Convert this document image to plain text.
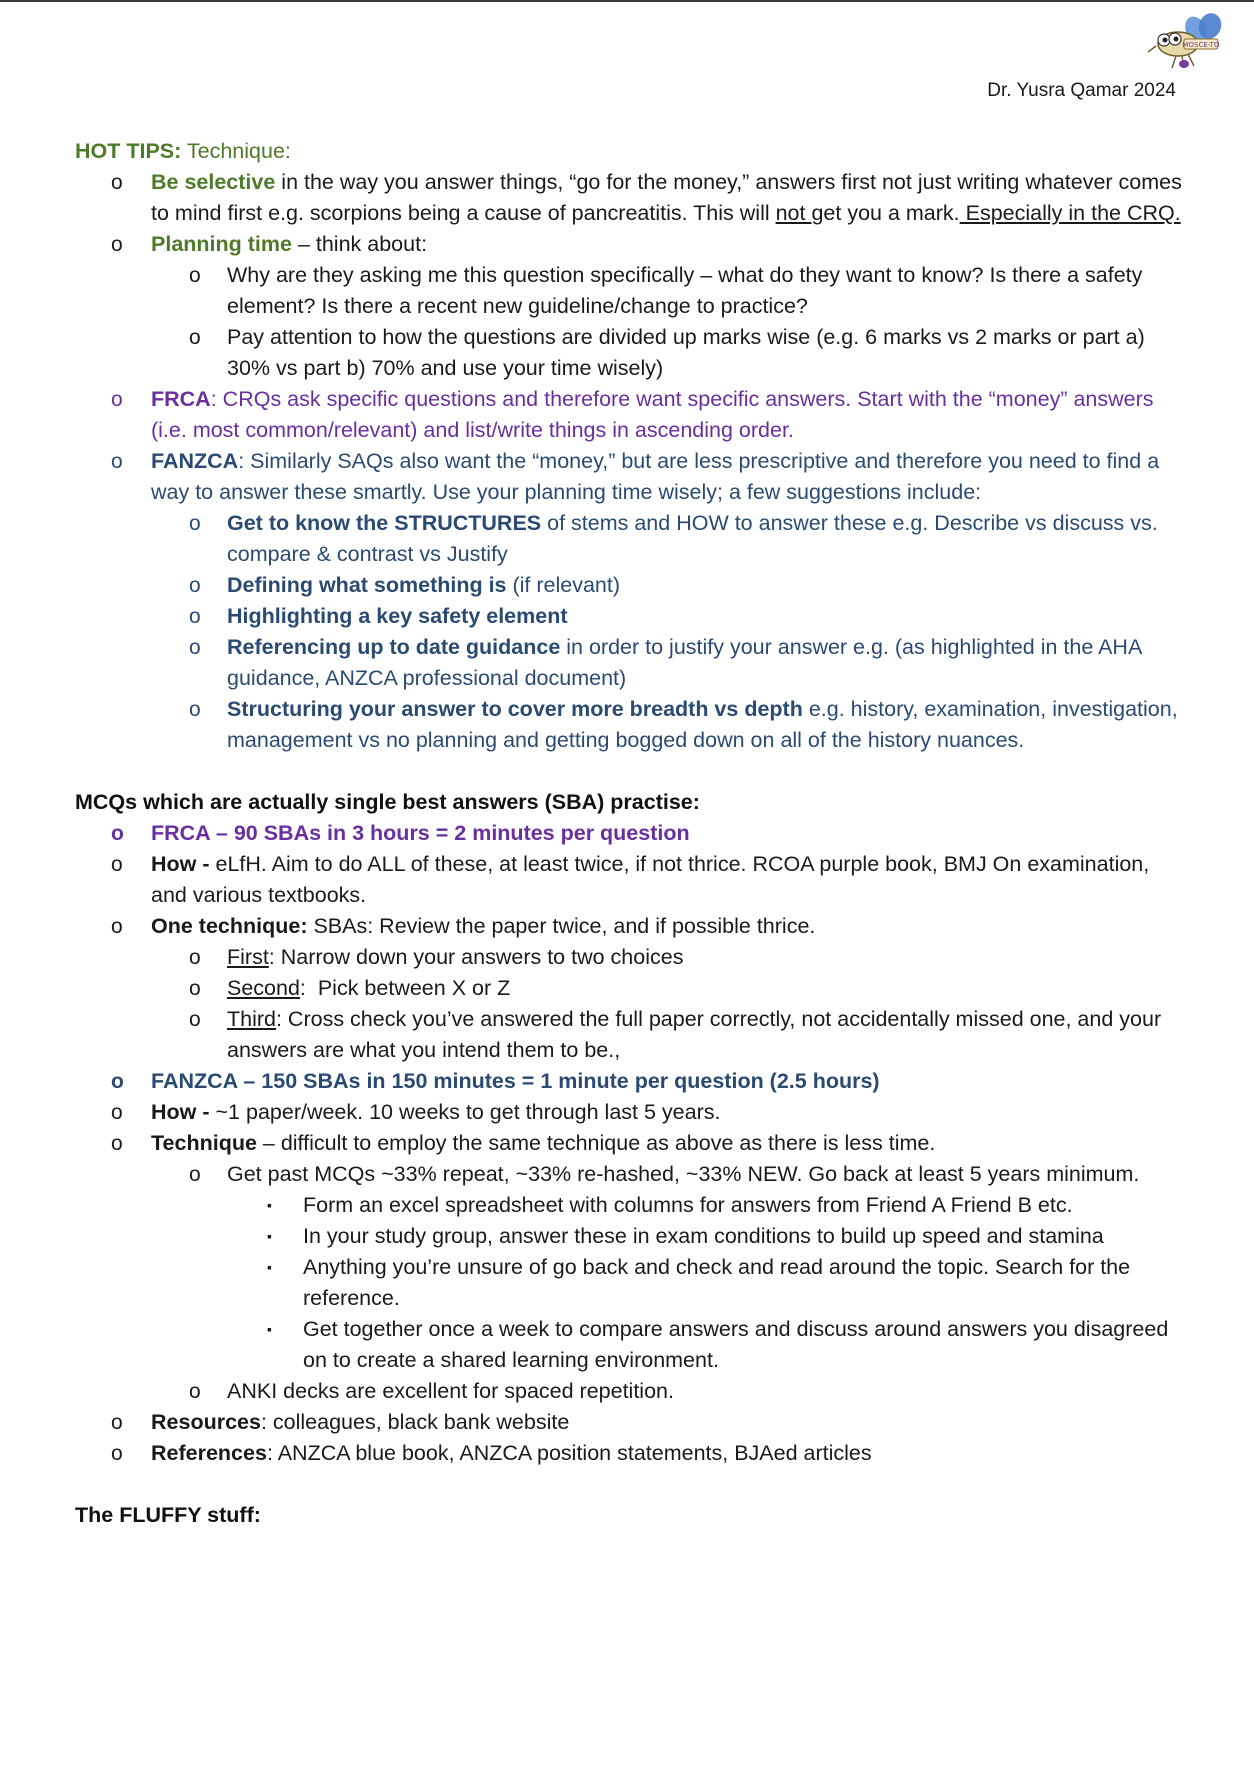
MOSCE-TO
Dr. Yusra Qamar 2024
HOT TIPS: Technique:
o Be selective in the way you answer things, “go for the money,” answers first not just writing whatever comes to mind first e.g. scorpions being a cause of pancreatitis. This will not get you a mark. Especially in the CRQ.
o Planning time – think about:
o Why are they asking me this question specifically – what do they want to know? Is there a safety element? Is there a recent new guideline/change to practice?
o Pay attention to how the questions are divided up marks wise (e.g. 6 marks vs 2 marks or part a) 30% vs part b) 70% and use your time wisely)
o FRCA: CRQs ask specific questions and therefore want specific answers. Start with the “money” answers (i.e. most common/relevant) and list/write things in ascending order.
o FANZCA: Similarly SAQs also want the “money,” but are less prescriptive and therefore you need to find a way to answer these smartly. Use your planning time wisely; a few suggestions include:
o Get to know the STRUCTURES of stems and HOW to answer these e.g. Describe vs discuss vs. compare & contrast vs Justify
o Defining what something is (if relevant)
o Highlighting a key safety element
o Referencing up to date guidance in order to justify your answer e.g. (as highlighted in the AHA guidance, ANZCA professional document)
o Structuring your answer to cover more breadth vs depth e.g. history, examination, investigation, management vs no planning and getting bogged down on all of the history nuances.
MCQs which are actually single best answers (SBA) practise:
o FRCA – 90 SBAs in 3 hours = 2 minutes per question
o How - eLfH. Aim to do ALL of these, at least twice, if not thrice. RCOA purple book, BMJ On examination, and various textbooks.
o One technique: SBAs: Review the paper twice, and if possible thrice.
o First: Narrow down your answers to two choices
o Second:  Pick between X or Z
o Third: Cross check you’ve answered the full paper correctly, not accidentally missed one, and your answers are what you intend them to be.,
o FANZCA – 150 SBAs in 150 minutes = 1 minute per question (2.5 hours)
o How - ~1 paper/week. 10 weeks to get through last 5 years.
o Technique – difficult to employ the same technique as above as there is less time.
o Get past MCQs ~33% repeat, ~33% re-hashed, ~33% NEW. Go back at least 5 years minimum.
▪ Form an excel spreadsheet with columns for answers from Friend A Friend B etc.
▪ In your study group, answer these in exam conditions to build up speed and stamina
▪ Anything you’re unsure of go back and check and read around the topic. Search for the reference.
▪ Get together once a week to compare answers and discuss around answers you disagreed on to create a shared learning environment.
o ANKI decks are excellent for spaced repetition.
o Resources: colleagues, black bank website
o References: ANZCA blue book, ANZCA position statements, BJAed articles
The FLUFFY stuff:
